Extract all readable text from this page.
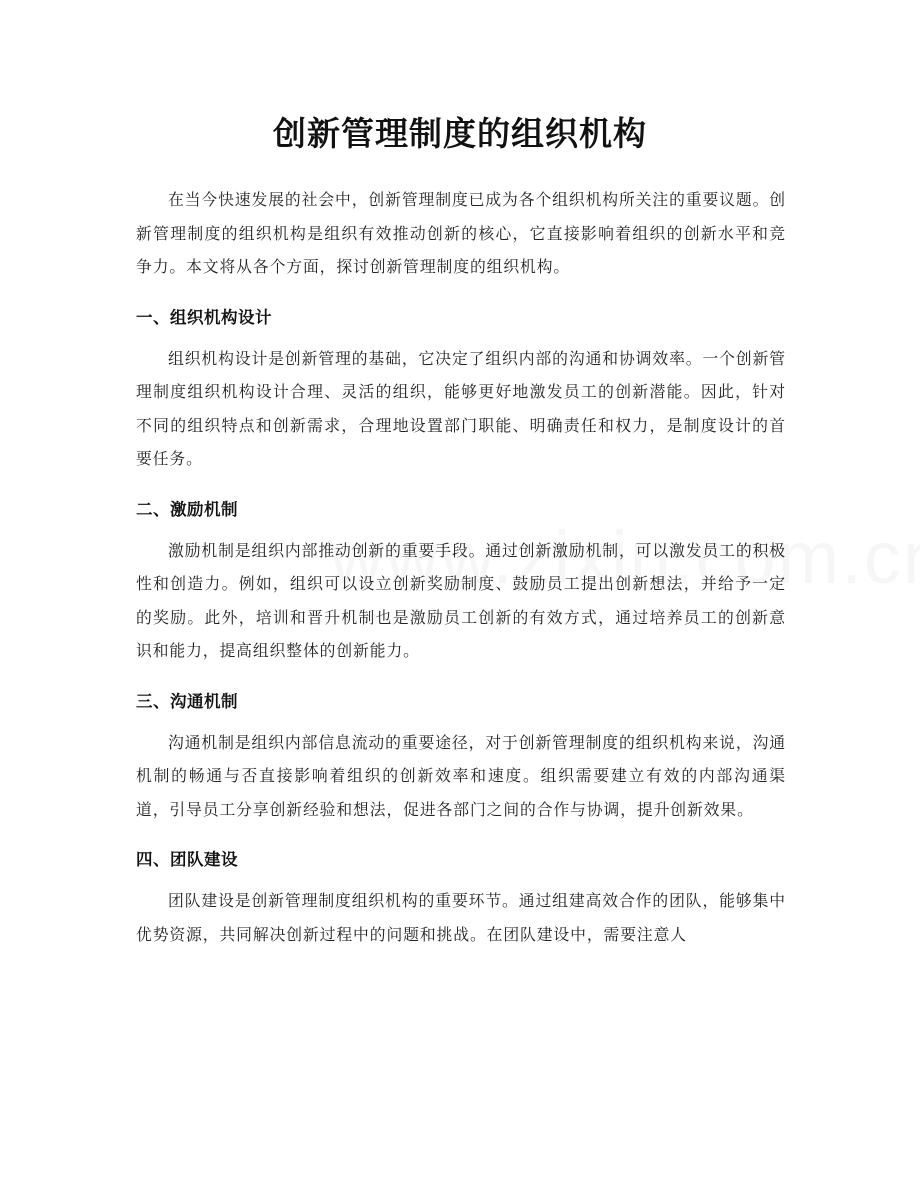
创新管理制度的组织机构

在当今快速发展的社会中，创新管理制度已成为各个组织机构所关注的重要议题。创新管理制度的组织机构是组织有效推动创新的核心，它直接影响着组织的创新水平和竞争力。本文将从各个方面，探讨创新管理制度的组织机构。

一、组织机构设计

组织机构设计是创新管理的基础，它决定了组织内部的沟通和协调效率。一个创新管理制度组织机构设计合理、灵活的组织，能够更好地激发员工的创新潜能。因此，针对不同的组织特点和创新需求，合理地设置部门职能、明确责任和权力，是制度设计的首要任务。

二、激励机制

激励机制是组织内部推动创新的重要手段。通过创新激励机制，可以激发员工的积极性和创造力。例如，组织可以设立创新奖励制度、鼓励员工提出创新想法，并给予一定的奖励。此外，培训和晋升机制也是激励员工创新的有效方式，通过培养员工的创新意识和能力，提高组织整体的创新能力。

三、沟通机制

沟通机制是组织内部信息流动的重要途径，对于创新管理制度的组织机构来说，沟通机制的畅通与否直接影响着组织的创新效率和速度。组织需要建立有效的内部沟通渠道，引导员工分享创新经验和想法，促进各部门之间的合作与协调，提升创新效果。

四、团队建设

团队建设是创新管理制度组织机构的重要环节。通过组建高效合作的团队，能够集中优势资源，共同解决创新过程中的问题和挑战。在团队建设中，需要注意人
